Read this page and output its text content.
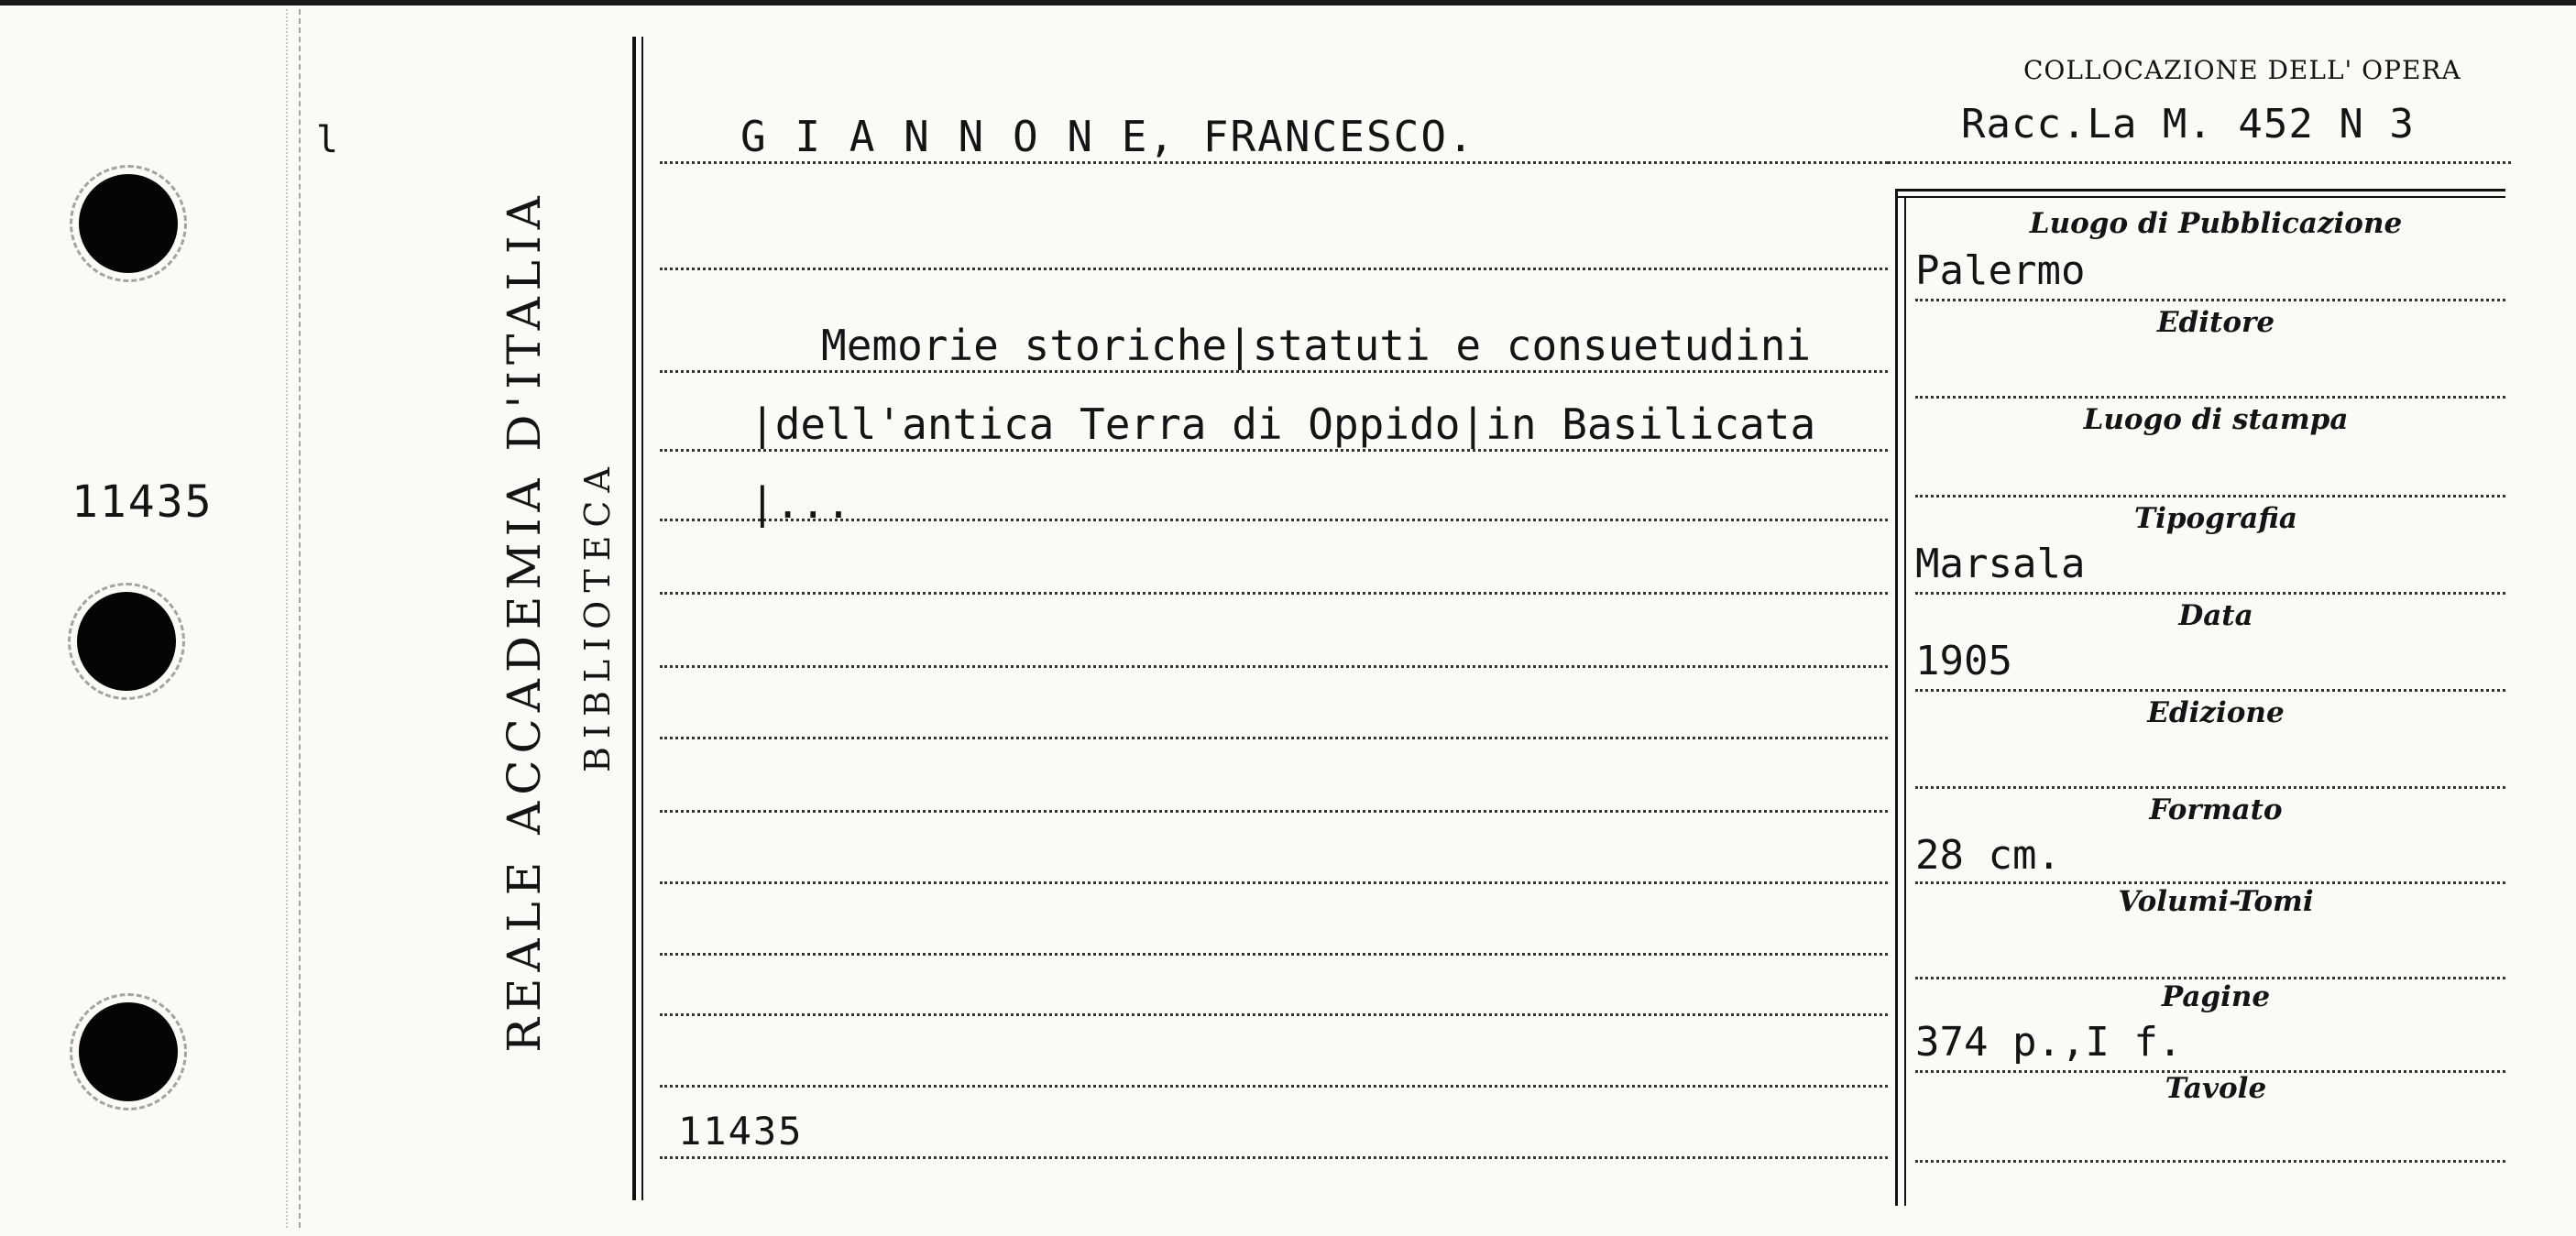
l
11435	REALE ACCADEMIA D'ITALIA BIBLIOTECA
G I A N N O N E, FRANCESCO.
Memorie storiche|statuti e consuetudini
|dell'antica Terra di Oppido|in Basilicata
|...
11435
COLLOCAZIONE DELL' OPERA
Racc.La M. 452 N 3
Luogo di Pubblicazione
Editore
Luogo di stampa
Tipografia
Data
Edizione
Formato
Volumi-Tomi
Pagine
Tavole
Palermo
Marsala
1905
28 cm.
374 p.,I f.
